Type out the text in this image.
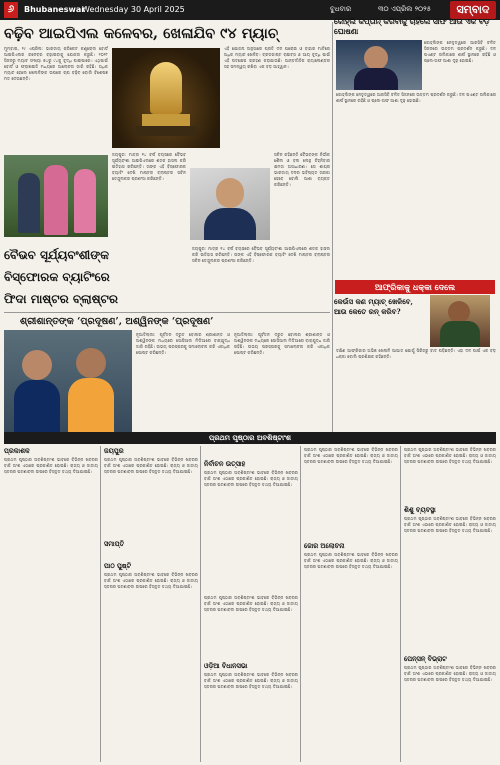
୬	Bhubaneswar
Wednesday 30 April 2025	ବୁଧବାର	୩୦ ଏପ୍ରିଲ ୨୦୨୫	ସମ୍ବାଦ
ବଢ଼ିବ ଆଇପିଏଲ କଳେବର, ଖେଳାଯିବ ୯୪ ମ୍ୟାଚ୍
ମୁମ୍ବାଇ, ୨୯ ଏପ୍ରିଲ: ଭାରତୀୟ କ୍ରିକେଟ କଣ୍ଟ୍ରୋଲ ବୋର୍ଡ ଆଇପିଏଲର କଳେବର ବଢ଼ାଇବାକୁ ଯୋଜନା କରୁଛି। ୨୦୨୮ ସିଜନରୁ ମ୍ୟାଚ ସଂଖ୍ୟା ୭୪ରୁ ୯୪କୁ ବୃଦ୍ଧି ପାଇପାରେ। ଏଥିପାଇଁ ବୋର୍ଡ ଓ ଫ୍ରାଞ୍ଚାଇଜି ମଧ୍ୟରେ ଆଲୋଚନା ଜାରି ରହିଛି। ଅଧିକ ମ୍ୟାଚ ହେଲେ ଖେଳାଳିଙ୍କ ଉପରେ ଚାପ ବଢ଼ିବ ବୋଲି ବିଶେଷଜ୍ଞ ମତ ଦେଉଛନ୍ତି।
ଏହି ଯୋଜନା ଅନୁସାରେ ପ୍ରତି ଦଳ ଘରୋଇ ଓ ବାହାର ମାଟିରେ ଅଧିକ ମ୍ୟାଚ ଖେଳିବ। ବ୍ରଡକାଷ୍ଟ ରାଇଟ୍‌ସ ଓ ଆୟ ବୃଦ୍ଧି ପାଇଁ ଏହି ପଦକ୍ଷେପ ଗ୍ରହଣ କରାଯାଉଛି। ଆନ୍ତର୍ଜାତିକ କ୍ୟାଲେଣ୍ଡର ସହ ସମନ୍ୱୟ ରଖିବା ଏକ ବଡ଼ ଆହ୍ୱାନ।
ଜୟପୁର: ମାତ୍ର ୧୪ ବର୍ଷ ବୟସରେ ବୈଭବ ସୂର୍ଯ୍ୟବଂଶୀ ଆଇପିଏଲରେ ଶତକ ହାସଲ କରି ଇତିହାସ ରଚିଛନ୍ତି। ତାଙ୍କ ଏହି ବିସ୍ଫୋରକ ବ୍ୟାଟିଂ ଦେଖି ମାଷ୍ଟର ବ୍ଲାଷ୍ଟର ସଚିନ ତେନ୍ଦୁଲକର ପ୍ରଶଂସା କରିଛନ୍ତି।
ସଚିନ କହିଛନ୍ତି ବୈଭବଙ୍କ ନିର୍ଭୀକ ଶୈଳୀ ଓ ବଲ ଲେନ୍ଥ ଚିହ୍ନିବାର କ୍ଷମତା ଅସାଧାରଣ। ସେ ଶୀଘ୍ର ଭାରତୀୟ ଦଳର ଭବିଷ୍ୟତ ତାରକା ହେବେ ବୋଲି ଆଶା ବ୍ୟକ୍ତ କରିଛନ୍ତି।
ବୈଭବ ସୂର୍ଯ୍ୟବଂଶୀଙ୍କ
ବିସ୍ଫୋରକ ବ୍ୟାଟିଂରେ
ଫିଦା ମାଷ୍ଟର ବ୍ଲାଷ୍ଟର
ଜୟପୁର: ମାତ୍ର ୧୪ ବର୍ଷ ବୟସରେ ବୈଭବ ସୂର୍ଯ୍ୟବଂଶୀ ଆଇପିଏଲରେ ଶତକ ହାସଲ କରି ଇତିହାସ ରଚିଛନ୍ତି। ତାଙ୍କ ଏହି ବିସ୍ଫୋରକ ବ୍ୟାଟିଂ ଦେଖି ମାଷ୍ଟର ବ୍ଲାଷ୍ଟର ସଚିନ ତେନ୍ଦୁଲକର ପ୍ରଶଂସା କରିଛନ୍ତି।
ଶ୍ରୀଶାନ୍ତଙ୍କ ‘ପ୍ରଦୂଷଣ’, ଅଶ୍ୱିନଙ୍କ ‘ପ୍ରଦୂଷଣ’
ନୂଆଦିଲ୍ଲୀ: ପୂର୍ବତନ ଦ୍ରୁତ ବୋଲର ଶ୍ରୀଶାନ୍ତ ଓ ଅଶ୍ୱିନଙ୍କ ମଧ୍ୟରେ ସୋସିଆଲ ମିଡିଆରେ ବାକ୍‌ଯୁଦ୍ଧ ଜାରି ରହିଛି। ଉଭୟ ପରସ୍ପରକୁ ସମାଲୋଚନା କରି ଏକାଧିକ ପୋଷ୍ଟ କରିଛନ୍ତି।
ନୂଆଦିଲ୍ଲୀ: ପୂର୍ବତନ ଦ୍ରୁତ ବୋଲର ଶ୍ରୀଶାନ୍ତ ଓ ଅଶ୍ୱିନଙ୍କ ମଧ୍ୟରେ ସୋସିଆଲ ମିଡିଆରେ ବାକ୍‌ଯୁଦ୍ଧ ଜାରି ରହିଛି। ଉଭୟ ପରସ୍ପରକୁ ସମାଲୋଚନା କରି ଏକାଧିକ ପୋଷ୍ଟ କରିଛନ୍ତି।
କୋହ୍ଲି କପ୍ତାନ୍‌ କରିବାକୁ ଚାହିଁଲେ ସାଫ ଆଉ ଏକ ବଡ଼ ଘୋଷଣା
କୋହ୍ଲିଙ୍କ ନେତୃତ୍ୱରେ ଆରସିବି ଚଳିତ ସିଜନରେ ଉତ୍ତମ ପ୍ରଦର୍ଶନ କରୁଛି। ଦଳ ପଏଣ୍ଟ ତାଲିକାରେ ଶୀର୍ଷ ସ୍ଥାନରେ ରହିଛି ଓ ପ୍ଲେ-ଅଫ ଆଶା ଦୃଢ଼ ହୋଇଛି।
କୋହ୍ଲିଙ୍କ ନେତୃତ୍ୱରେ ଆରସିବି ଚଳିତ ସିଜନରେ ଉତ୍ତମ ପ୍ରଦର୍ଶନ କରୁଛି। ଦଳ ପଏଣ୍ଟ ତାଲିକାରେ ଶୀର୍ଷ ସ୍ଥାନରେ ରହିଛି ଓ ପ୍ଲେ-ଅଫ ଆଶା ଦୃଢ଼ ହୋଇଛି।
ଆଫ୍ରିକାକୁ ଧକ୍କା ଦେଲେ
କେଉଁସ କଣ ମ୍ୟାଚ୍ ଖେଳିବେ, ଆଉ କେତେ ରନ୍‌ କରିବ?
ଦକ୍ଷିଣ ଆଫ୍ରିକାର ଅଭିଜ୍ଞ ଖେଳାଳି ଆଘାତ ଯୋଗୁଁ ସିରିଜରୁ ବାଦ ପଡ଼ିଛନ୍ତି। ଏହା ଦଳ ପାଇଁ ଏକ ବଡ଼ ଧକ୍କା ବୋଲି ପ୍ରଶିକ୍ଷକ କହିଛନ୍ତି।
ପ୍ରଥମ ପୃଷ୍ଠାର ଅବଶିଷ୍ଟାଂଶ
ପ୍ରକାଶକ
ପ୍ରଥମ ପୃଷ୍ଠାର ଅବଶିଷ୍ଟାଂଶ ଭାବରେ ବିଭିନ୍ନ ଖବରର ବାକି ଅଂଶ ଏଠାରେ ପ୍ରକାଶିତ ହୋଇଛି। ରାଜ୍ୟ ଓ ଜାତୀୟ ସ୍ତରର ଘଟଣାବଳୀ ଉପରେ ବିସ୍ତୃତ ତଥ୍ୟ ଦିଆଯାଇଛି।
ଜୟପୁର
ପ୍ରଥମ ପୃଷ୍ଠାର ଅବଶିଷ୍ଟାଂଶ ଭାବରେ ବିଭିନ୍ନ ଖବରର ବାକି ଅଂଶ ଏଠାରେ ପ୍ରକାଶିତ ହୋଇଛି। ରାଜ୍ୟ ଓ ଜାତୀୟ ସ୍ତରର ଘଟଣାବଳୀ ଉପରେ ବିସ୍ତୃତ ତଥ୍ୟ ଦିଆଯାଇଛି।
ପାଠ ପୁଷ୍ଟି
ପ୍ରଥମ ପୃଷ୍ଠାର ଅବଶିଷ୍ଟାଂଶ ଭାବରେ ବିଭିନ୍ନ ଖବରର ବାକି ଅଂଶ ଏଠାରେ ପ୍ରକାଶିତ ହୋଇଛି। ରାଜ୍ୟ ଓ ଜାତୀୟ ସ୍ତରର ଘଟଣାବଳୀ ଉପରେ ବିସ୍ତୃତ ତଥ୍ୟ ଦିଆଯାଇଛି।
ନିର୍ବାଚନ ଉତ୍ସାହ
ପ୍ରଥମ ପୃଷ୍ଠାର ଅବଶିଷ୍ଟାଂଶ ଭାବରେ ବିଭିନ୍ନ ଖବରର ବାକି ଅଂଶ ଏଠାରେ ପ୍ରକାଶିତ ହୋଇଛି। ରାଜ୍ୟ ଓ ଜାତୀୟ ସ୍ତରର ଘଟଣାବଳୀ ଉପରେ ବିସ୍ତୃତ ତଥ୍ୟ ଦିଆଯାଇଛି।
ଓଡ଼ିଆ ବିଧାନସଭା
ପ୍ରଥମ ପୃଷ୍ଠାର ଅବଶିଷ୍ଟାଂଶ ଭାବରେ ବିଭିନ୍ନ ଖବରର ବାକି ଅଂଶ ଏଠାରେ ପ୍ରକାଶିତ ହୋଇଛି। ରାଜ୍ୟ ଓ ଜାତୀୟ ସ୍ତରର ଘଟଣାବଳୀ ଉପରେ ବିସ୍ତୃତ ତଥ୍ୟ ଦିଆଯାଇଛି।
ପ୍ରଥମ ପୃଷ୍ଠାର ଅବଶିଷ୍ଟାଂଶ ଭାବରେ ବିଭିନ୍ନ ଖବରର ବାକି ଅଂଶ ଏଠାରେ ପ୍ରକାଶିତ ହୋଇଛି। ରାଜ୍ୟ ଓ ଜାତୀୟ ସ୍ତରର ଘଟଣାବଳୀ ଉପରେ ବିସ୍ତୃତ ତଥ୍ୟ ଦିଆଯାଇଛି।
ପ୍ରଥମ ପୃଷ୍ଠାର ଅବଶିଷ୍ଟାଂଶ ଭାବରେ ବିଭିନ୍ନ ଖବରର ବାକି ଅଂଶ ଏଠାରେ ପ୍ରକାଶିତ ହୋଇଛି। ରାଜ୍ୟ ଓ ଜାତୀୟ ସ୍ତରର ଘଟଣାବଳୀ ଉପରେ ବିସ୍ତୃତ ତଥ୍ୟ ଦିଆଯାଇଛି।
ଜୋର ଅଲୋଚନା
ପ୍ରଥମ ପୃଷ୍ଠାର ଅବଶିଷ୍ଟାଂଶ ଭାବରେ ବିଭିନ୍ନ ଖବରର ବାକି ଅଂଶ ଏଠାରେ ପ୍ରକାଶିତ ହୋଇଛି। ରାଜ୍ୟ ଓ ଜାତୀୟ ସ୍ତରର ଘଟଣାବଳୀ ଉପରେ ବିସ୍ତୃତ ତଥ୍ୟ ଦିଆଯାଇଛି।
ପ୍ରଥମ ପୃଷ୍ଠାର ଅବଶିଷ୍ଟାଂଶ ଭାବରେ ବିଭିନ୍ନ ଖବରର ବାକି ଅଂଶ ଏଠାରେ ପ୍ରକାଶିତ ହୋଇଛି। ରାଜ୍ୟ ଓ ଜାତୀୟ ସ୍ତରର ଘଟଣାବଳୀ ଉପରେ ବିସ୍ତୃତ ତଥ୍ୟ ଦିଆଯାଇଛି।
ଶିଶୁ ବ୍ୟବସ୍ଥା
ପ୍ରଥମ ପୃଷ୍ଠାର ଅବଶିଷ୍ଟାଂଶ ଭାବରେ ବିଭିନ୍ନ ଖବରର ବାକି ଅଂଶ ଏଠାରେ ପ୍ରକାଶିତ ହୋଇଛି। ରାଜ୍ୟ ଓ ଜାତୀୟ ସ୍ତରର ଘଟଣାବଳୀ ଉପରେ ବିସ୍ତୃତ ତଥ୍ୟ ଦିଆଯାଇଛି।
ପେନ୍‌ସନ୍‌ ବିଭ୍ରାଟ
ପ୍ରଥମ ପୃଷ୍ଠାର ଅବଶିଷ୍ଟାଂଶ ଭାବରେ ବିଭିନ୍ନ ଖବରର ବାକି ଅଂଶ ଏଠାରେ ପ୍ରକାଶିତ ହୋଇଛି। ରାଜ୍ୟ ଓ ଜାତୀୟ ସ୍ତରର ଘଟଣାବଳୀ ଉପରେ ବିସ୍ତୃତ ତଥ୍ୟ ଦିଆଯାଇଛି।
ସମାପ୍ତି
